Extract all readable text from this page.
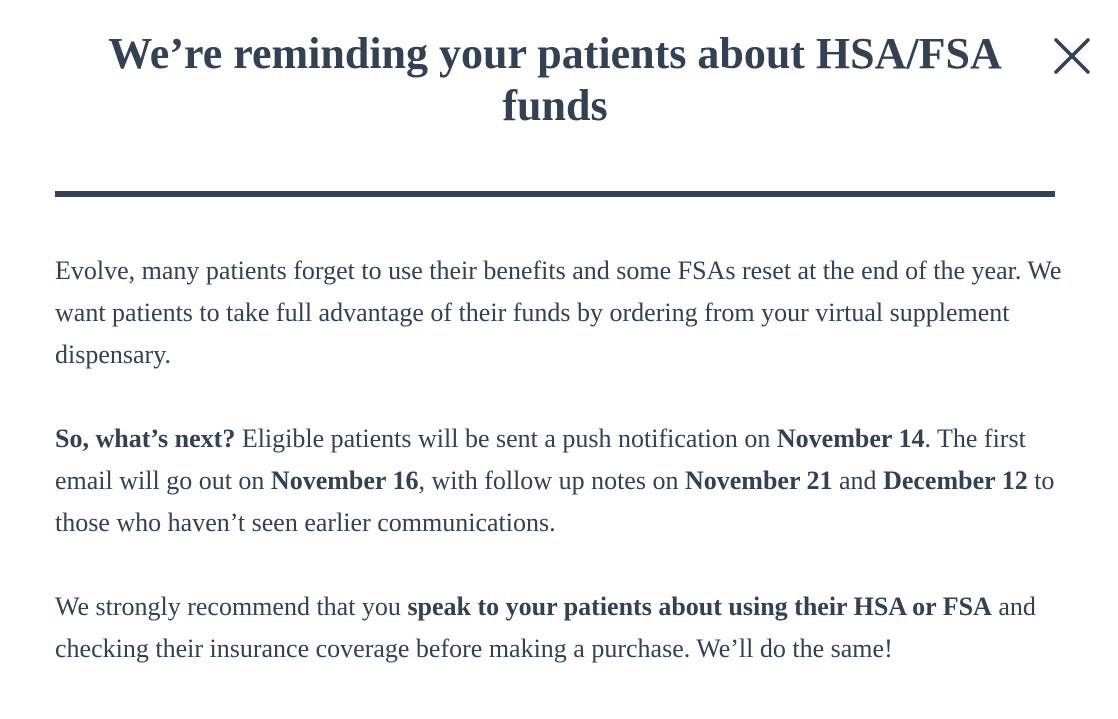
We’re reminding your patients about HSA/FSA funds

Evolve, many patients forget to use their benefits and some FSAs reset at the end of the year. We want patients to take full advantage of their funds by ordering from your virtual supplement dispensary.

So, what’s next? Eligible patients will be sent a push notification on November 14. The first email will go out on November 16, with follow up notes on November 21 and December 12 to those who haven’t seen earlier communications.

We strongly recommend that you speak to your patients about using their HSA or FSA and checking their insurance coverage before making a purchase. We’ll do the same!
